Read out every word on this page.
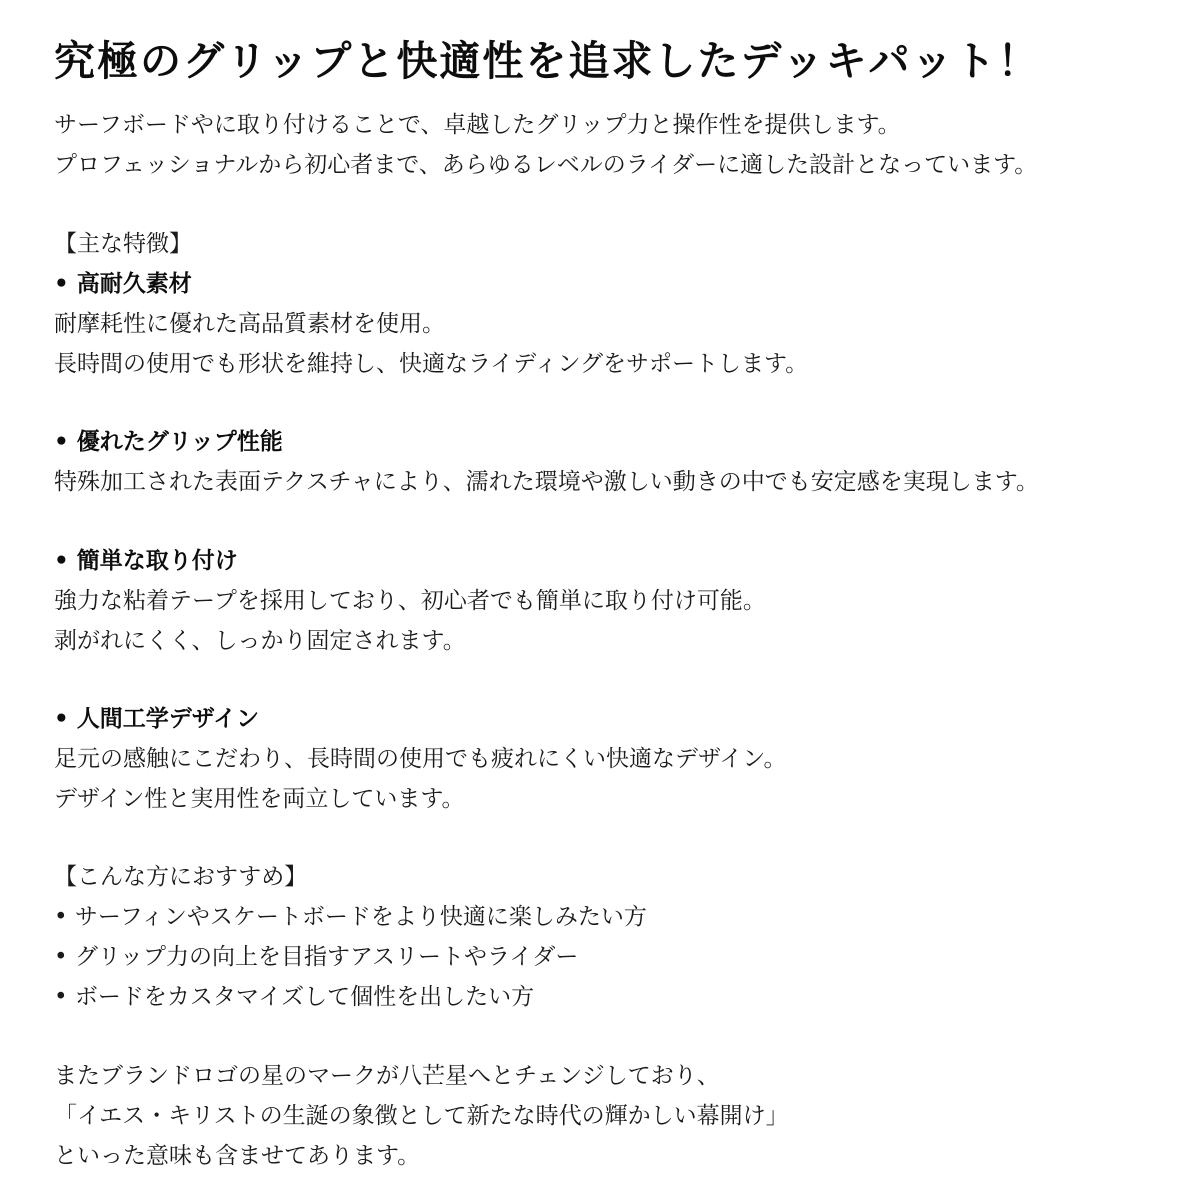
究極のグリップと快適性を追求したデッキパット！

サーフボードやに取り付けることで、卓越したグリップ力と操作性を提供します。

プロフェッショナルから初心者まで、あらゆるレベルのライダーに適した設計となっています。

【主な特徴】

• 高耐久素材

耐摩耗性に優れた高品質素材を使用。

長時間の使用でも形状を維持し、快適なライディングをサポートします。

• 優れたグリップ性能

特殊加工された表面テクスチャにより、濡れた環境や激しい動きの中でも安定感を実現します。

• 簡単な取り付け

強力な粘着テープを採用しており、初心者でも簡単に取り付け可能。

剥がれにくく、しっかり固定されます。

• 人間工学デザイン

足元の感触にこだわり、長時間の使用でも疲れにくい快適なデザイン。

デザイン性と実用性を両立しています。

【こんな方におすすめ】

• サーフィンやスケートボードをより快適に楽しみたい方

• グリップ力の向上を目指すアスリートやライダー

• ボードをカスタマイズして個性を出したい方

またブランドロゴの星のマークが八芒星へとチェンジしており、

「イエス・キリストの生誕の象徴として新たな時代の輝かしい幕開け」

といった意味も含ませてあります。
